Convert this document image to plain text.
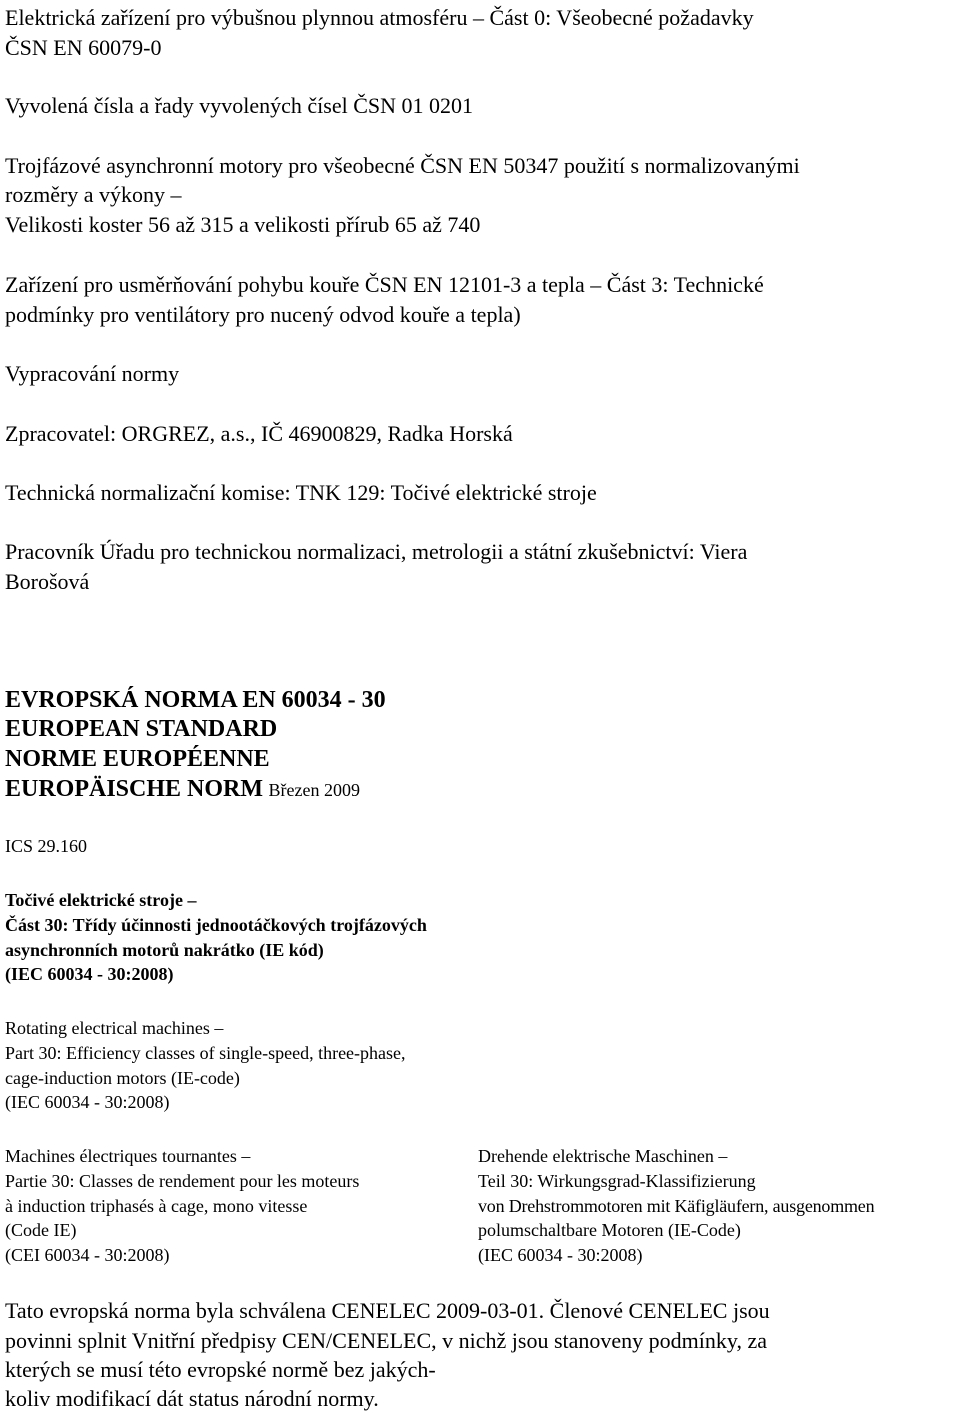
Elektrická zařízení pro výbušnou plynnou atmosféru – Část 0: Všeobecné požadavky
ČSN EN 60079-0
Vyvolená čísla a řady vyvolených čísel ČSN 01 0201
Trojfázové asynchronní motory pro všeobecné ČSN EN 50347 použití s normalizovanými
rozměry a výkony –
Velikosti koster 56 až 315 a velikosti přírub 65 až 740
Zařízení pro usměrňování pohybu kouře ČSN EN 12101-3 a tepla – Část 3: Technické
podmínky pro ventilátory pro nucený odvod kouře a tepla)
Vypracování normy
Zpracovatel: ORGREZ, a.s., IČ 46900829, Radka Horská
Technická normalizační komise: TNK 129: Točivé elektrické stroje
Pracovník Úřadu pro technickou normalizaci, metrologii a státní zkušebnictví: Viera
Borošová
EVROPSKÁ NORMA EN 60034 - 30
EUROPEAN STANDARD
NORME EUROPÉENNE
EUROPÄISCHE NORM Březen 2009
ICS 29.160
Točivé elektrické stroje –
Část 30: Třídy účinnosti jednootáčkových trojfázových
asynchronních motorů nakrátko (IE kód)
(IEC 60034 - 30:2008)
Rotating electrical machines –
Part 30: Efficiency classes of single-speed, three-phase,
cage-induction motors (IE-code)
(IEC 60034 - 30:2008)
Machines électriques tournantes –
Partie 30: Classes de rendement pour les moteurs
à induction triphasés à cage, mono vitesse
(Code IE)
(CEI 60034 - 30:2008)
Drehende elektrische Maschinen –
Teil 30: Wirkungsgrad-Klassifizierung
von Drehstrommotoren mit Käfigläufern, ausgenommen
polumschaltbare Motoren (IE-Code)
(IEC 60034 - 30:2008)
Tato evropská norma byla schválena CENELEC 2009-03-01. Členové CENELEC jsou
povinni splnit Vnitřní předpisy CEN/CENELEC, v nichž jsou stanoveny podmínky, za
kterých se musí této evropské normě bez jakých-
koliv modifikací dát status národní normy.
